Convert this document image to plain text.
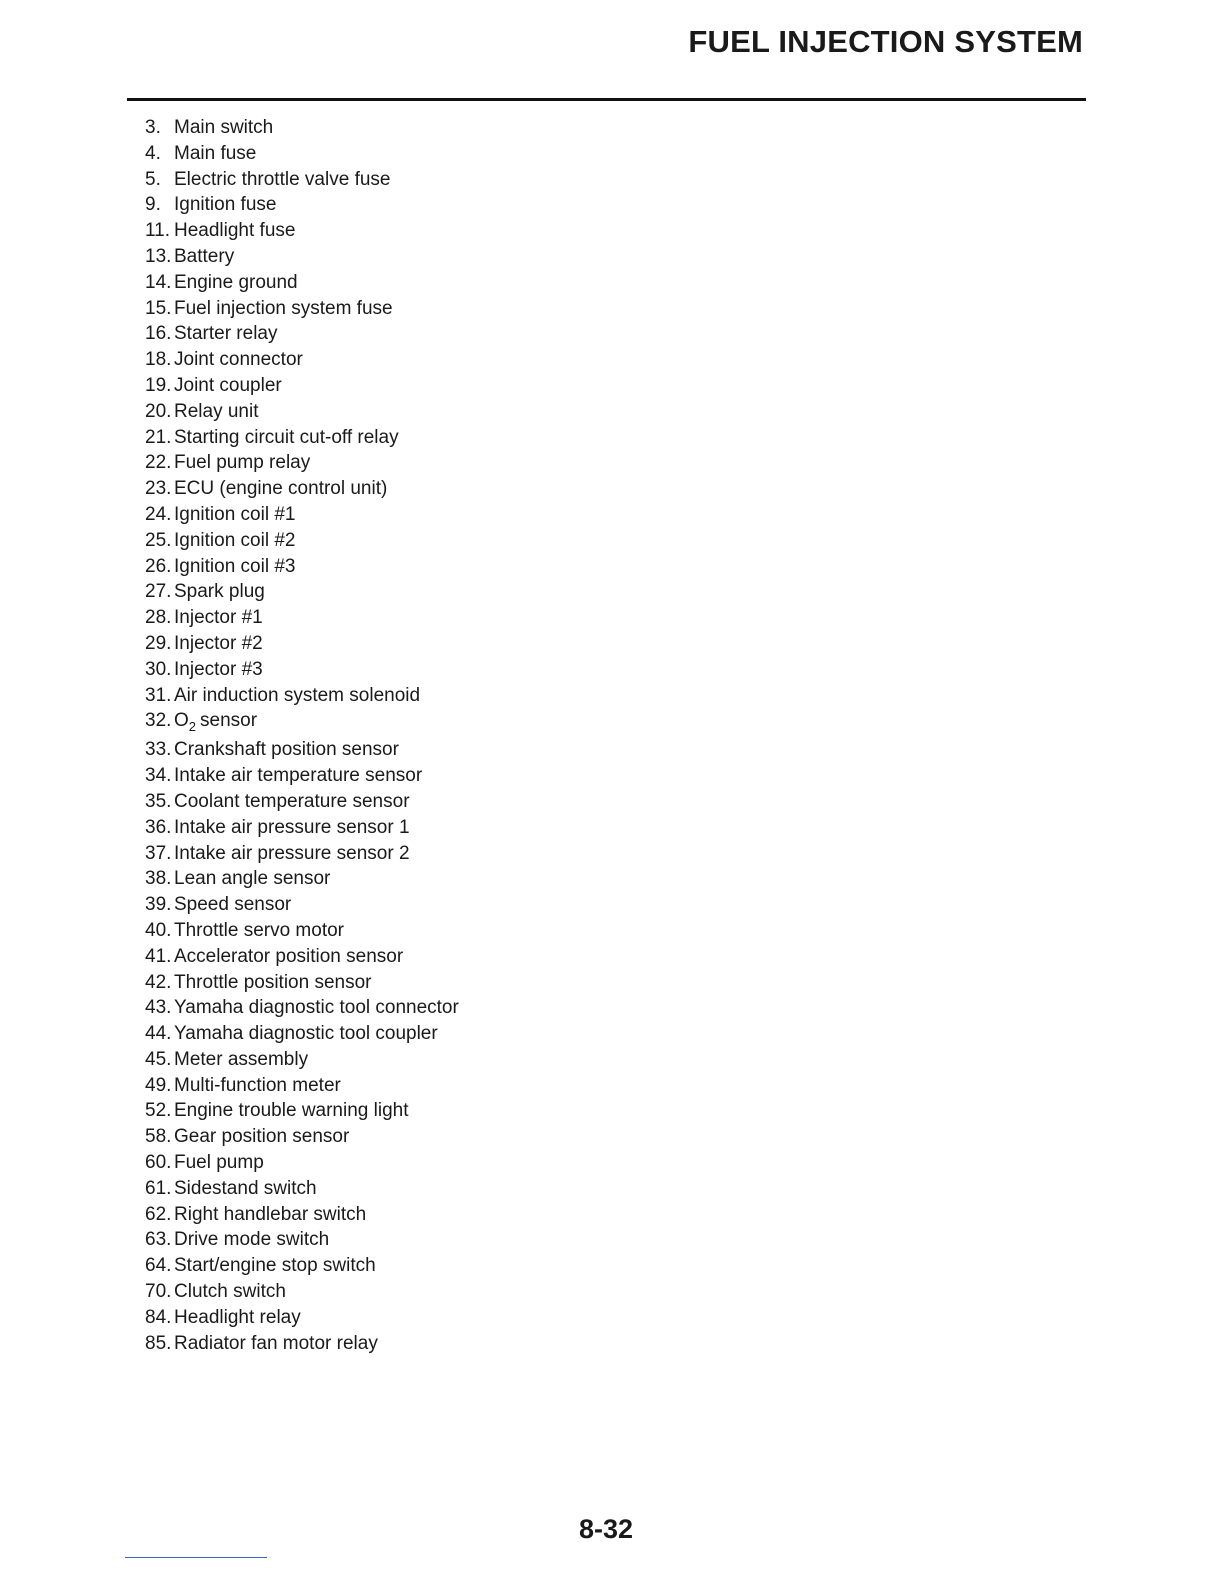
FUEL INJECTION SYSTEM
3. Main switch
4. Main fuse
5. Electric throttle valve fuse
9. Ignition fuse
11. Headlight fuse
13. Battery
14. Engine ground
15. Fuel injection system fuse
16. Starter relay
18. Joint connector
19. Joint coupler
20. Relay unit
21. Starting circuit cut-off relay
22. Fuel pump relay
23. ECU (engine control unit)
24. Ignition coil #1
25. Ignition coil #2
26. Ignition coil #3
27. Spark plug
28. Injector #1
29. Injector #2
30. Injector #3
31. Air induction system solenoid
32. $O_2$ sensor
33. Crankshaft position sensor
34. Intake air temperature sensor
35. Coolant temperature sensor
36. Intake air pressure sensor 1
37. Intake air pressure sensor 2
38. Lean angle sensor
39. Speed sensor
40. Throttle servo motor
41. Accelerator position sensor
42. Throttle position sensor
43. Yamaha diagnostic tool connector
44. Yamaha diagnostic tool coupler
45. Meter assembly
49. Multi-function meter
52. Engine trouble warning light
58. Gear position sensor
60. Fuel pump
61. Sidestand switch
62. Right handlebar switch
63. Drive mode switch
64. Start/engine stop switch
70. Clutch switch
84. Headlight relay
85. Radiator fan motor relay
8-32
